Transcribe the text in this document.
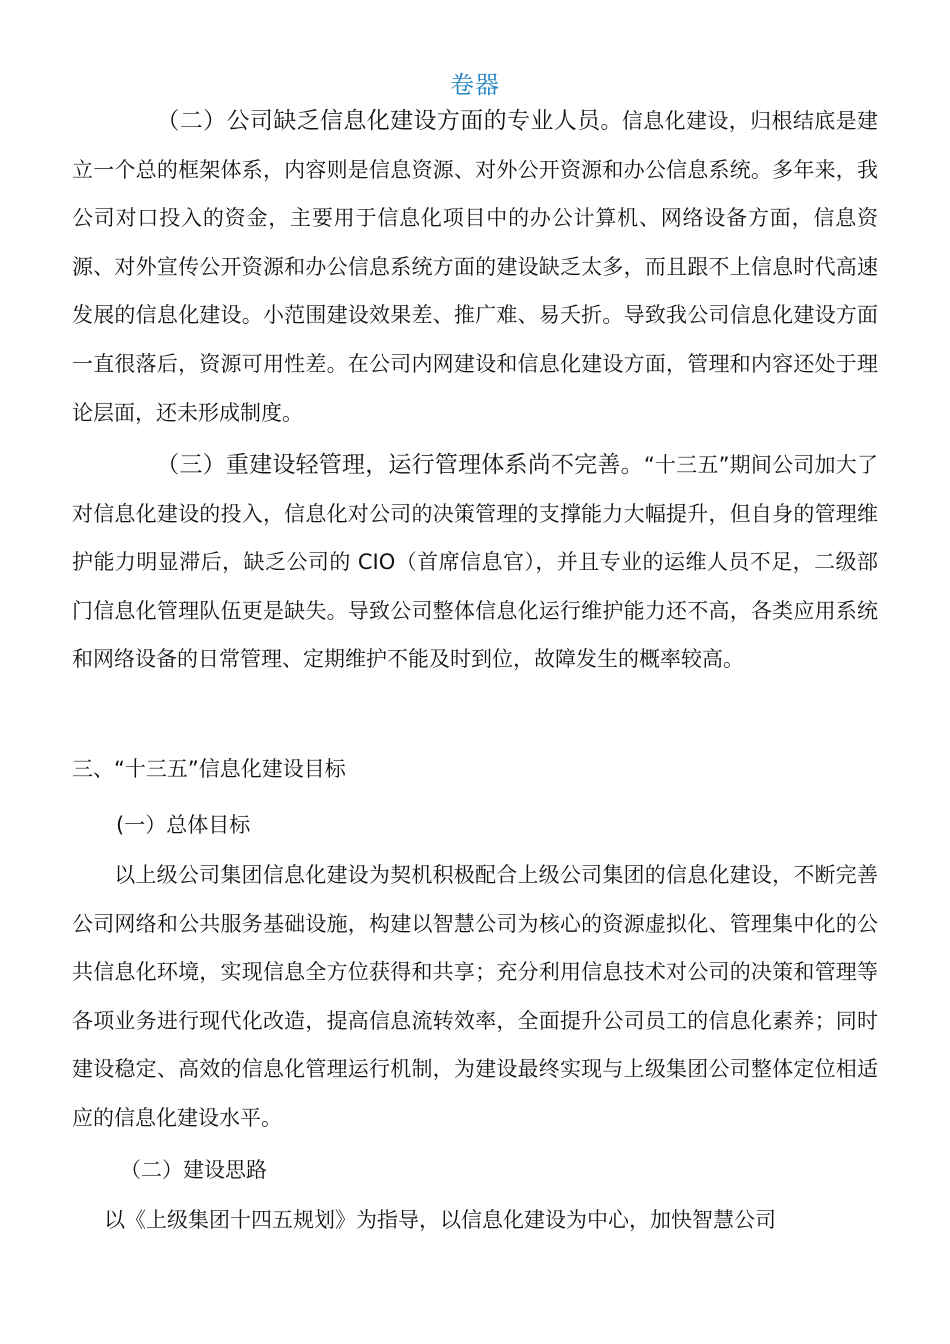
卷器
（二）公司缺乏信息化建设方面的专业人员。信息化建设，归根结底是建立一个总的框架体系，内容则是信息资源、对外公开资源和办公信息系统。多年来，我公司对口投入的资金，主要用于信息化项目中的办公计算机、网络设备方面，信息资源、对外宣传公开资源和办公信息系统方面的建设缺乏太多，而且跟不上信息时代高速发展的信息化建设。小范围建设效果差、推广难、易夭折。导致我公司信息化建设方面一直很落后，资源可用性差。在公司内网建设和信息化建设方面，管理和内容还处于理论层面，还未形成制度。
（三）重建设轻管理，运行管理体系尚不完善。“十三五”期间公司加大了对信息化建设的投入，信息化对公司的决策管理的支撑能力大幅提升，但自身的管理维护能力明显滞后，缺乏公司的 CIO（首席信息官），并且专业的运维人员不足，二级部门信息化管理队伍更是缺失。导致公司整体信息化运行维护能力还不高，各类应用系统和网络设备的日常管理、定期维护不能及时到位，故障发生的概率较高。
三、“十三五”信息化建设目标
(一）总体目标
以上级公司集团信息化建设为契机积极配合上级公司集团的信息化建设，不断完善公司网络和公共服务基础设施，构建以智慧公司为核心的资源虚拟化、管理集中化的公共信息化环境，实现信息全方位获得和共享；充分利用信息技术对公司的决策和管理等各项业务进行现代化改造，提高信息流转效率，全面提升公司员工的信息化素养；同时建设稳定、高效的信息化管理运行机制，为建设最终实现与上级集团公司整体定位相适应的信息化建设水平。
（二）建设思路
以《上级集团十四五规划》为指导，以信息化建设为中心，加快智慧公司
